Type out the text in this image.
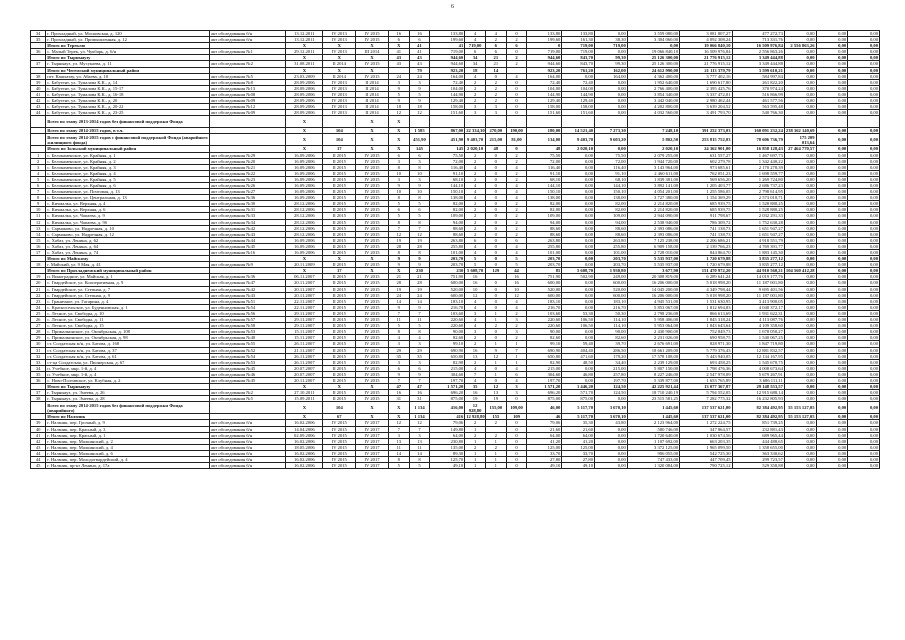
6
34	г. Прохладный, ул. Московская, д. 120	акт обследования б/н	13.12.2011	IV 2013	IV 2015	16	16	133,80	4	4	0	133,80	133,80	0,00	3 559 080,00	3 081 807,27	477 272,73	0,00	0,00	0,00
35	г. Прохладный, ул. Промышленная, д. 12	акт обследования б/н	13.12.2011	IV 2013	IV 2015	6	6	199,60	4	2	2	199,60	161,30	38,30	3 304 060,00	4 092 308,24	713 331,76	0,00	0,00	0,00
	Итого по Тереклю		X	X	X	X	41	41	719,00	6	6	0	719,00	719,00	0,00	19 066 840,10	16 509 976,84	2 556 863,26	0,00	0,00
36	с. Малый Терек, ул. Чукбарь, д. 6/н	акт обследования №1	29.12.2011	IV 2013	III 2014	41	41	719,00	6	6	0	719,00	719,00	0,00	19 066 840,10	16 509 976,84	2 556 863,26	0,00	0,00	0,00
	Итого по Тырныаузу		X	X	X	43	43	944,60	34	21	2	944,60	843,70	99,30	25 126 300,00	21 776 915,12	3 349 444,88	0,00	0,00	0,00
37	г. Тырныауз, ул. Мусукаева, д. 11	акт обследования №2	31.08.2011	II 2014	IV 2015	43	43	944,60	34	21	2	944,60	843,70	99,30	25 126 300,00	21 776 915,12	3 349 444,88	0,00	0,00	0,00
	Итого по Чегемский муниципальный район		X	X	X		79	923,20	18	14		923,20	761,20	162,00	24 612 990,00	21 113 379,79	3 599 610,21	0,00	0,00	0,00
38	пгт. Кашхатау, ул. Абаева, д. 10	акт обследования №5	23.03.2009	II 2014	IV 2015	24	24	164,00	4	0	4	164,00	0,00	164,00	4 362 400,00	3 777 402,16	584 997,84	0,00	0,00	0,00
39	с. Бабугент, ул. Тумалова К.К., д. 14	акт обследования №8	28.09.2006	IV 2013	II 2014	3	3	72,40	2	2	0	72,40	72,40	0,00	1 952 640,00	1 690 617,80	261 822,20	0,00	0,00	0,00
40	с. Бабугент, ул. Тумалова К.К., д. 15-17	акт обследования №13	28.09.2006	IV 2013	II 2014	9	9	104,00	2	2	0	104,00	104,00	0,00	2 766 400,00	2 395 425,76	370 974,24	0,00	0,00	0,00
41	с. Бабугент, ул. Тумалова К.К., д. 16-18	акт обследования №08	28.09.2006	IV 2013	II 2014	5	5	144,90	2	2	0	144,90	144,90	0,00	3 854 340,00	3 337 472,01	516 866,99	0,00	0,00	0,00
42	с. Бабугент, ул. Тумалова К.К., д. 20	акт обследования №09	28.09.2006	IV 2013	II 2014	9	9	129,40	2	2	0	129,40	129,40	0,00	3 442 040,00	2 980 462,44	461 577,56	0,00	0,00	0,00
43	с. Бабугент, ул. Тумалова К.К., д. 20-22	акт обследования №12	28.09.2006	IV 2013	II 2014	18	18	158,00	3	3	0	158,00	158,00	0,00	4 202 800,00	3 639 204,52	563 595,48	0,00	0,00	0,00
44	с. Бабугент, ул. Тумалова К.К., д. 23-25	акт обследования №09	28.09.2006	IV 2013	II 2014	12	12	151,60	3	3	0	151,60	151,60	0,00	4 032 560,00	3 491 793,70	540 766,30	0,00	0,00	0,00
	Всего по этапу 2013-2014 годов без финансовой поддержки Фонда		X		X	X														
	Всего по этапу 2014-2015 годов, в т.ч.		X	104	X	X	1 585	867,00	22 334,30	270,00	190,00	180,00	14 521,40	7 273,30	7 248,10	391 252 373,03	160 091 232,24	238 362 140,69	0,00	0,00
	Всего по этапу 2014-2015 годов с финансовой поддержкой Фонда (аварийного жилищного фонда)		X	104	X	X	451,90	451,90	9 403,70	215,00	81,00	134,00	9 403,70	9 603,20	5 802,50	253 815 752,03	78 606 736,79	175 209 013,64	0,00	0,00
	Итого по Зольский муниципальный район		X	17	X	X	145	145	2 020,10	48	0	48	2 020,10	0,00	2 020,10	24 362 901,00	16 858 128,43	27 464 770,57	0,00	0,00
1	с. Белокаменское, ул. Крайняя, д. 1	акт обследования №29	16.09.2006	II 2015	IV 2015	6	6	75,50	2	0	2	75,50	0,00	75,50	2 079 255,00	631 557,27	1 467 697,73	0,00	0,00	0,00
2	с. Белокаменское, ул. Крайняя, д. 2	акт обследования №20	16.09.2006	II 2015	IV 2015	3	3	72,00	2	0	2	72,00	0,00	72,00	1 944 720,00	602 279,78	1 342 440,22	0,00	0,00	0,00
3	с. Белокаменское, ул. Крайняя, д. 3	акт обследования №21	16.09.2006	II 2015	IV 2015	8	8	116,40	4	0	4	116,40	0,00	116,40	3 143 964,00	973 685,61	2 170 278,39	0,00	0,00	0,00
4	с. Белокаменское, ул. Крайняя, д. 4	акт обследования №22	16.09.2006	II 2015	IV 2015	10	10	91,10	2	0	2	91,10	0,00	91,10	2 460 611,00	762 051,23	1 698 559,77	0,00	0,00	0,00
5	с. Белокаменское, ул. Крайняя, д. 5	акт обследования №23	16.09.2006	II 2015	IV 2015	3	3	68,10	2	0	2	68,10	0,00	68,10	1 839 381,00	569 656,20	1 269 724,80	0,00	0,00	0,00
6	с. Белокаменское, ул. Крайняя, д. 6	акт обследования №26	16.09.2006	II 2015	IV 2015	9	9	144,10	4	0	4	144,10	0,00	144,10	3 892 141,00	1 205 403,77	2 686 737,23	0,00	0,00	0,00
7	с. Белокаменское, ул. Почтовая, д. 13	акт обследования №27	16.09.2006	II 2015	IV 2015	10	10	150,10	4	0	4	150,10	0,00	150,10	4 054 201,00	1 255 586,05	2 798 614,95	0,00	0,00	0,00
8	с. Белокаменское, ул. Центральная, д. 13	акт обследования №36	16.09.2006	II 2015	IV 2015	8	8	138,00	4	0	4	138,00	0,00	138,00	3 727 380,00	1 154 369,29	2 573 010,71	0,00	0,00	0,00
9	с. Кичмалка, ул. Верхняя, д. 4	акт обследования №30	28.12.2006	II 2015	IV 2015	5	5	82,00	2	0	2	82,00	0,00	82,00	2 214 820,00	685 939,75	1 528 880,25	0,00	0,00	0,00
10	с. Кичмалка, ул. Верхняя, д. 6	акт обследования №31	28.12.2006	II 2015	IV 2015	6	6	82,00	2	0	2	82,00	0,00	82,00	2 214 820,00	685 939,75	1 528 880,25	0,00	0,00	0,00
11	с. Кичмалка, ул. Чапаева, д. 9	акт обследования №33	28.12.2006	II 2015	IV 2015	5	5	109,00	2	0	2	109,00	0,00	109,00	2 944 090,00	911 798,67	2 032 291,33	0,00	0,00	0,00
12	с. Кичмалка, ул. Чапаева, д. 9б	акт обследования №34	28.12.2006	II 2015	IV 2015	8	8	94,00	2	0	2	94,00	0,00	94,00	2 538 940,00	786 309,72	1 752 630,28	0,00	0,00	0,00
13	с. Сармаково, ул. Надречная, д. 10	акт обследования №42	28.12.2006	II 2015	IV 2015	7	7	88,60	2	0	2	88,60	0,00	88,60	2 393 086,00	741 138,73	1 651 947,27	0,00	0,00	0,00
14	с. Сармаково, ул. Надречная, д. 12	акт обследования №43	28.12.2006	II 2015	IV 2015	12	12	88,60	2	0	2	88,60	0,00	88,60	2 393 086,00	741 138,73	1 651 947,27	0,00	0,00	0,00
15	с. Хабаз, ул. Ленина, д. 62	акт обследования №44	16.09.2006	II 2015	IV 2015	19	19	263,80	6	0	6	263,80	0,00	263,80	7 125 238,00	2 206 686,21	4 918 551,79	0,00	0,00	0,00
16	с. Хабаз, ул. Ленина, д. 64	акт обследования №45	16.09.2006	II 2015	IV 2015	28	28	255,80	4	0	4	255,80	0,00	255,80	6 909 158,00	2 139 766,23	4 769 391,77	0,00	0,00	0,00
17	с. Хабаз, ул. Ленина, д. 74	акт обследования №16	16.09.2006	II 2015	IV 2015	8	8	101,00	4	0	4	101,00	0,00	101,00	2 728 010,00	844 864,70	1 883 145,30	0,00	0,00	0,00
	Итого по Майскому		X	X	X	9	9	203,70	5	0	5	203,70	0,00	203,70	5 535 937,00	1 720 679,88	3 835 277,12	0,00	0,00	0,00
18	г. Майский, ул. 9 Мая, д. 41	акт обследования №9	20.11.2009	II 2015	IV 2015	9	9	203,70	5	0	5	203,70	0,00	203,70	5 535 937,00	1 720 679,88	3 835 277,12	0,00	0,00	0,00
	Итого по Прохладненский муниципальный район		X	17	X	X	230	230	5 608,70	129	44	85	5 608,70	1 930,80	3 677,90	151 470 972,20	44 910 560,21	104 560 412,28	0,00	0,00
19	п. Виноградное, ул. Майская, д. 1	акт обследования №36	06.11.2007	II 2015	IV 2015	21	21	751,90	16		16	751,90	502,90	249,00	20 308 819,00	6 289 641,24	14 019 177,76	0,00	0,00	0,00
20	с. Гвардейское, ул. Кооперативная, д. 9	акт обследования №47	20.11.2007	II 2015	IV 2015	28	28	600,00	16	0	16	600,00	0,00	600,00	16 206 000,00	5 018 998,20	11 187 001,80	0,00	0,00	0,00
21	с. Гвардейское, ул. Степная, д. 7	акт обследования №42	20.11.2007	II 2015	IV 2015	19	19	520,00	10	0	10	520,00	0,00	520,00	14 045 200,00	4 349 798,44	9 695 401,56	0,00	0,00	0,00
22	с. Гвардейское, ул. Степная, д. 9	акт обследования №43	20.11.2007	II 2015	IV 2015	24	24	600,00	12	0	12	600,00	0,00	600,00	16 206 000,00	5 018 998,20	11 187 001,80	0,00	0,00	0,00
23	с. Граничное, ул. Гагарина, д. 4	акт обследования №51	22.11.2007	II 2015	IV 2015	14	14	183,10	4	0	4	183,10	0,00	183,10	4 945 531,00	1 531 630,95	3 413 900,05	0,00	0,00	0,00
24	с. Красносельское, ул. Буденновская, д. 1	акт обследования №54	22.11.2007	II 2015	IV 2015	9	9	216,70	4	0	4	216,70	0,00	216,70	5 853 067,00	1 812 694,83	4 040 372,17	0,00	0,00	0,00
25	с. Лесное, ул. Свободы, д. 10	акт обследования №56	29.11.2007	II 2015	IV 2015	7	7	103,60	3	1	2	103,60	53,30	50,30	2 798 236,00	866 613,69	1 931 622,31	0,00	0,00	0,00
26	с. Лесное, ул. Свободы, д. 11	акт обследования №57	29.11.2007	II 2015	IV 2015	11	11	220,60	4	1	3	220,60	106,50	114,10	5 958 406,00	1 845 318,24	4 113 087,76	0,00	0,00	0,00
27	с. Лесное, ул. Свободы, д. 15	акт обследования №58	29.11.2007	II 2015	IV 2015	5	5	220,60	4	2	2	220,60	106,50	114,10	5 953 064,00	1 843 643,64	4 109 358,60	0,00	0,00	0,00
28	с. Прималкинское, ул. Октябрьская, д. 108	акт обследования №53	15.11.2007	II 2015	IV 2015	8	8	90,00	3	0	3	90,00	0,00	90,00	2 430 900,00	752 849,73	1 678 050,27	0,00	0,00	0,00
29	с. Прималкинское, ул. Октябрьская, д. 98	акт обследования №40	15.11.2007	II 2015	IV 2015	4	4	82,60	2	0	2	82,60	0,00	82,60	2 231 026,00	690 958,75	1 540 067,25	0,00	0,00	0,00
30	ст. Солдатская м/н, ул. Батова, д. 168	акт обследования №55	26.11.2007	II 2015	IV 2015	3	3	99,10	2	1	1	99,10	59,40	39,70	2 676 691,00	828 971,30	1 847 719,80	0,00	0,00	0,00
31	ст. Солдатская м/н, ул. Батова, д. 37	акт обследования №52	21.11.2007	II 2015	IV 2015	29	29	690,90	16	9	7	690,90	404,40	286,50	18 661 209,00	5 779 376,43	12 881 832,57	0,00	0,00	0,00
32	ст. Солдатская м/н, ул. Батова, д. 61	акт обследования №54	26.11.2007	II 2015	IV 2015	35	35	650,80	13	12	1	650,80	471,60	179,20	17 578 108,00	5 443 940,05	12 134 167,95	0,00	0,00	0,00
33	ст-ца Солдатская, ул. Пионерская, д. 67	акт обследования №53	26.11.2007	II 2015	IV 2015	3	3	82,90	2	1	1	82,90	48,50	34,40	2 239 129,00	693 458,25	1 545 670,75	0,00	0,00	0,00
34	п. Учебное, мкр. 1-й, д. 4	акт обследования №45	20.07.2007	II 2015	IV 2015	6	6	215,00	4	0	4	215,00	0,00	215,00	5 807 150,00	1 798 476,36	4 008 673,64	0,00	0,00	0,00
35	п. Учебное, мкр. 1-й, д. 4	акт обследования №46	20.07.2007	II 2015	IV 2015	9	9	304,60	7	1	6	304,60	46,80	257,80	8 227 246,00	2 547 978,09	5 679 267,91	0,00	0,00	0,00
36	с. Ново-Полтавское, ул. Клубная, д. 2	акт обследования №45	20.11.2007	II 2015	IV 2015	7	7	197,70	4	0	4	197,70	0,00	197,70	5 339 877,00	1 653 765,89	3 686 111,11	0,00	0,00	0,00
	Итого по Тырныаузу		X	X	X	47	47	1 571,20	35	12	3	1 571,20	1 446,20	124,50	42 225 921,44	13 077 367,87	29 148 553,57	0,00	0,00	0,00
37	г. Тырныауз, ул. Энеева, д. 26	акт обследования №2	27.10.2011	II 2015	IV 2015	16	16	696,20	16	13	3	696,20	571,70	124,50	18 710 240,19	5 794 552,05	12 915 688,14	0,00	0,00	0,00
38	г. Тырныауз, ул. Энеева, д. 28	акт обследования №5	15.09.2011	II 2015	IV 2015	31	31	875,00	19	19	0	875,00	875,00	0,00	23 515 581,25	7 282 775,32	16 232 805,93	0,00	0,00	0,00
	Всего по этапу 2014-2015 годов без финансовой поддержки Фонда (аварийного)		X	104	X	X	1 134	416,00	12 928,80	155,00	109,00	46,00	5 117,70	3 670,10	1 445,60	137 537 621,00	82 384 492,95	55 153 127,05	0,00	0,00
	Итого по Нальчик		X	67	X	X	1 134	416	12 928,80	155	109	46	5 117,70	3 670,10	1 445,60	137 537 621,00	82 384 492,95	55 153 127,05	0,00	0,00
39	г. Нальчик, пер. Грозный, д. 9	акт обследования б/н	16.02.2006	IV 2015	IV 2017	12	12	79,06	2	2	0	79,06	35,30	43,80	2 123 964,00	1 272 224,75	851 739,25	0,00	0,00	0,00
40	г. Нальчик, пер. Красный, д. 3	акт обследования б/н	14.04.2006	IV 2015	IV 2017	7	7	149,80	1		0	21,60	21,60	0,00	580 746,00	347 864,57	232 881,43	0,00	0,00	0,00
41	г. Нальчик, пер. Красный, д. 1	акт обследования б/н	02.09.2006	IV 2015	IV 2017	3	3	64,00	2	2	0	64,00	64,00	0,00	1 720 640,00	1 030 674,56	689 965,44	0,00	0,00	0,00
42	г. Нальчик, пер. Малкинский, д. 2	акт обследования б/н	16.02.2006	IV 2015	IV 2017	13	13	230,80	1	1	0	41,20	41,20	0,00	1 107 692,00	663 203,35	444 488,65	0,00	0,00	0,00
43	г. Нальчик, пер. Малкинский, д. 4	акт обследования б/н	18.05.2006	IV 2015	IV 2017	11	11	135,00	2	2	0	125,00	125,00	0,00	3 372 125,00	1 965 099,50	1 358 655,00	0,00	0,00	0,00
44	г. Нальчик, пер. Малкинский, д. 6	акт обследования б/н	16.02.2006	IV 2015	IV 2017	14	14	89,30	1	1	0	33,70	33,70	0,00	906 055,00	542 725,30	363 330,62	0,00	0,00	0,00
44	г. Нальчик, пер. Молодогвардейский, д. 4	акт обследования б/н	16.02.2006	IV 2015	IV 2017	8	8	125,70	1	1	0	27,80	27,80	0,00	747 433,00	447 709,45	299 723,57	0,00	0,00	0,00
45	г. Нальчик, пр-кт Ленина, д. 17а	акт обследования б/н	16.02.2006	IV 2015	IV 2017	5	5	49,10	1	1	0	49,10	49,10	0,00	1 320 084,00	790 725,12	529 358,88	0,00	0,00	0,00
